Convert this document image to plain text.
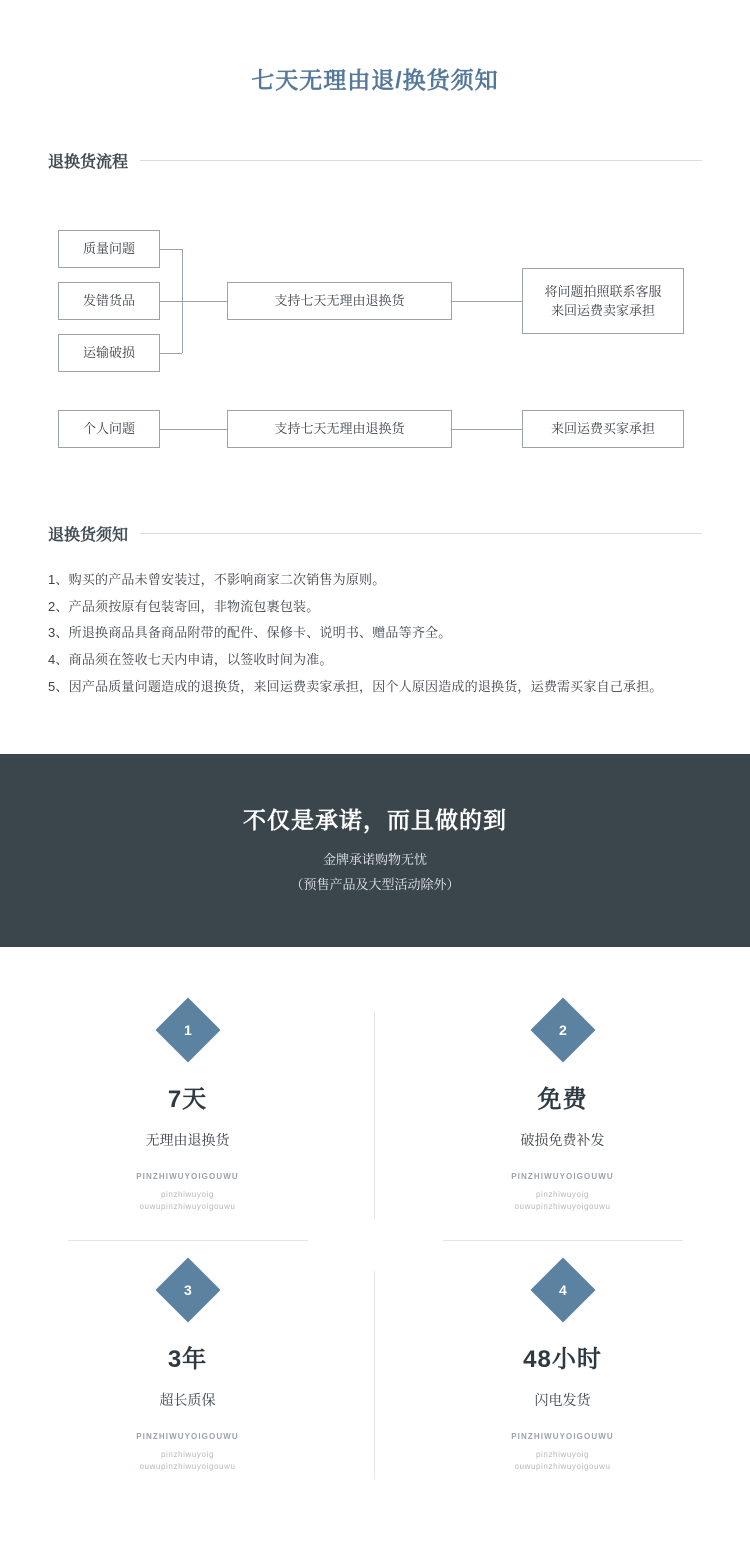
七天无理由退/换货须知
退换货流程
质量问题
发错货品
运输破损
支持七天无理由退换货
将问题拍照联系客服
来回运费卖家承担
个人问题	支持七天无理由退换货	来回运费买家承担
退换货须知
1、购买的产品未曾安装过，不影响商家二次销售为原则。
2、产品须按原有包装寄回，非物流包裹包装。
3、所退换商品具备商品附带的配件、保修卡、说明书、赠品等齐全。
4、商品须在签收七天内申请，以签收时间为准。
5、因产品质量问题造成的退换货，来回运费卖家承担，因个人原因造成的退换货，运费需买家自己承担。
不仅是承诺，而且做的到
金牌承诺购物无忧
（预售产品及大型活动除外）
1
7天
无理由退换货
PINZHIWUYOIGOUWU
pinzhiwuyoig
ouwupinzhiwuyoigouwu
2
免费
破损免费补发
PINZHIWUYOIGOUWU
pinzhiwuyoig
ouwupinzhiwuyoigouwu
3
3年
超长质保
PINZHIWUYOIGOUWU
pinzhiwuyoig
ouwupinzhiwuyoigouwu
4
48小时
闪电发货
PINZHIWUYOIGOUWU
pinzhiwuyoig
ouwupinzhiwuyoigouwu
